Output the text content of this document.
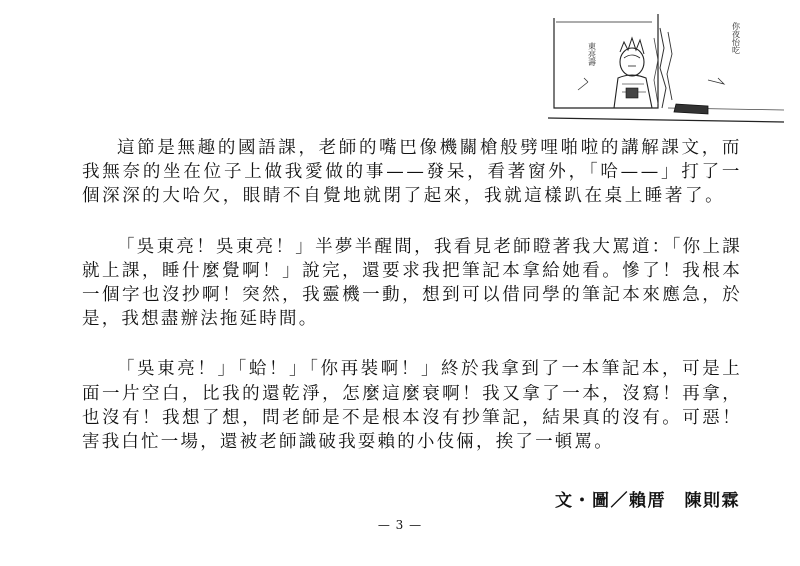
東亮壽	你夜怡吃

這節是無趣的國語課，老師的嘴巴像機關槍般劈哩啪啦的講解課文，而我無奈的坐在位子上做我愛做的事——發呆，看著窗外，「哈——」打了一個深深的大哈欠，眼睛不自覺地就閉了起來，我就這樣趴在桌上睡著了。

「吳東亮！吳東亮！」半夢半醒間，我看見老師瞪著我大罵道：「你上課就上課，睡什麼覺啊！」說完，還要求我把筆記本拿給她看。慘了！我根本一個字也沒抄啊！突然，我靈機一動，想到可以借同學的筆記本來應急，於是，我想盡辦法拖延時間。

「吳東亮！」「蛤！」「你再裝啊！」終於我拿到了一本筆記本，可是上面一片空白，比我的還乾淨，怎麼這麼衰啊！我又拿了一本，沒寫！再拿，也沒有！我想了想，問老師是不是根本沒有抄筆記，結果真的沒有。可惡！害我白忙一場，還被老師識破我耍賴的小伎倆，挨了一頓罵。

文・圖／賴厝　陳則霖
— 3 —
